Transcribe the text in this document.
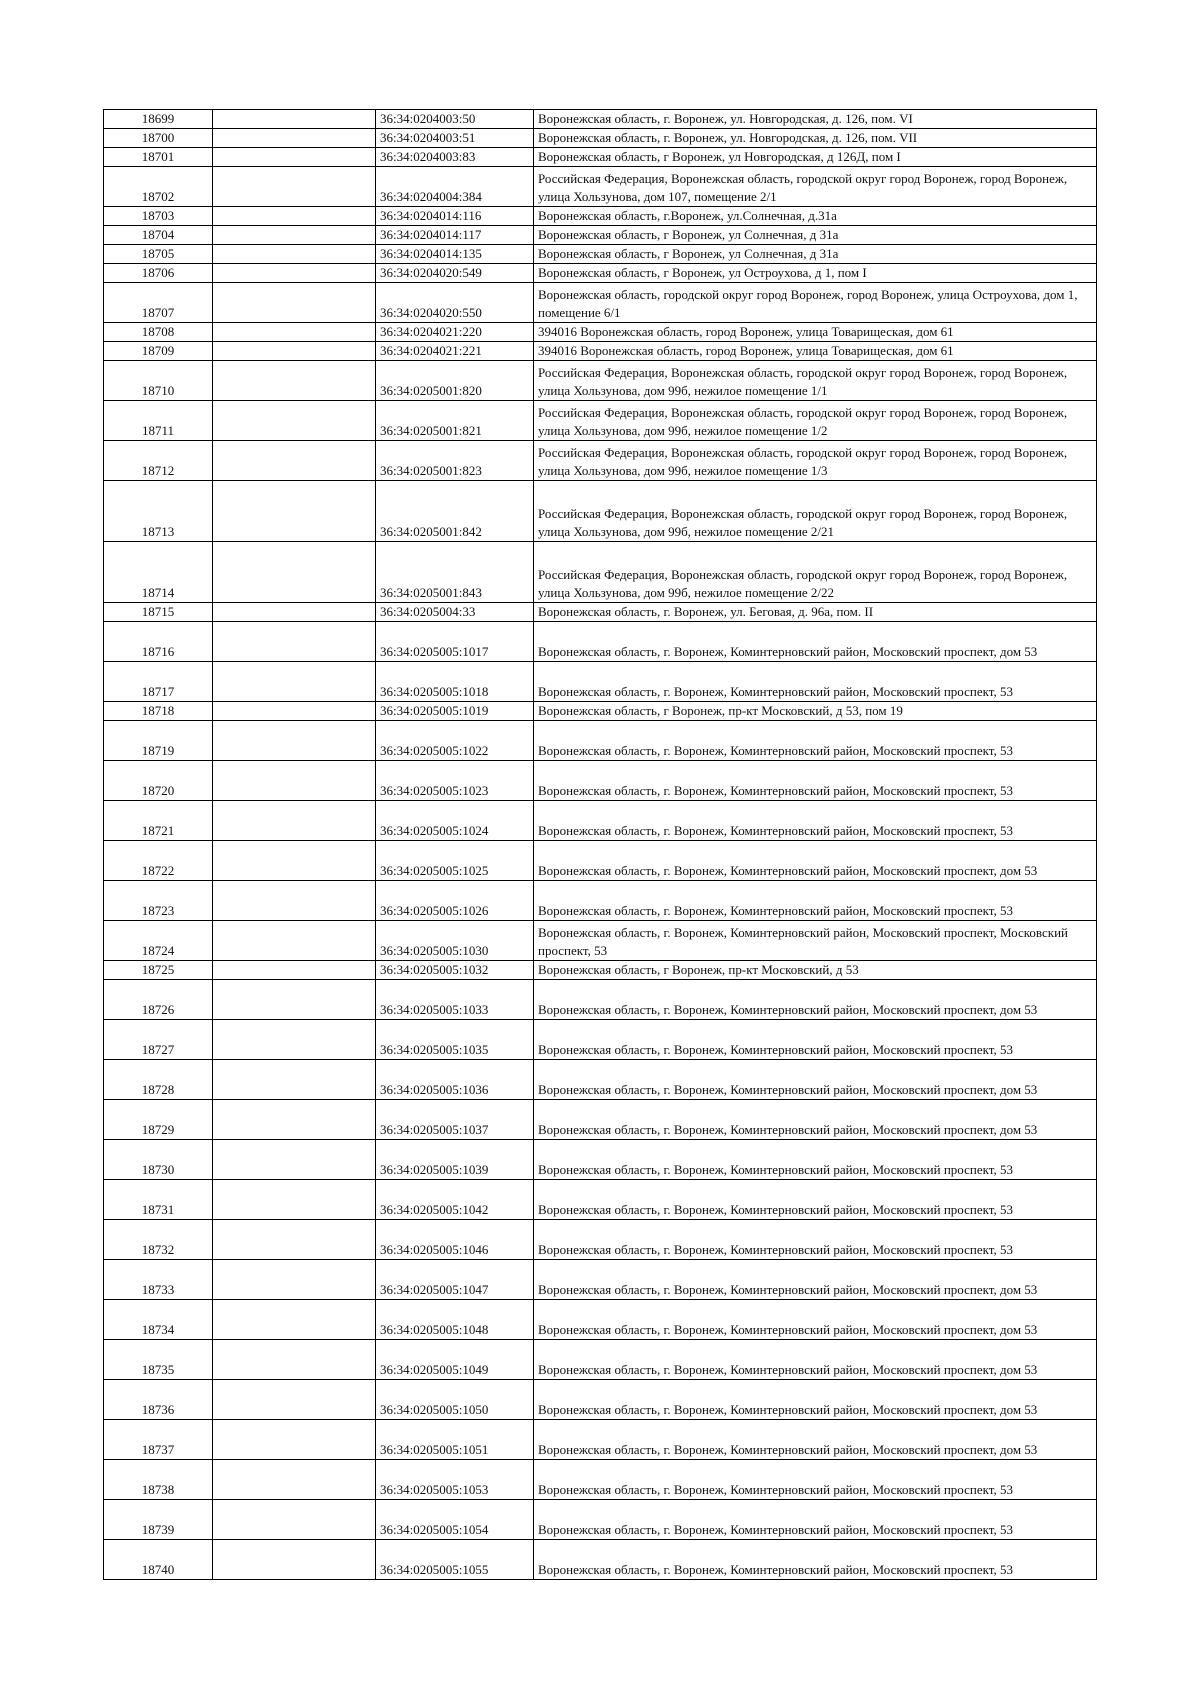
18699		36:34:0204003:50	Воронежская область, г. Воронеж, ул. Новгородская, д. 126, пом. VI
18700		36:34:0204003:51	Воронежская область, г. Воронеж, ул. Новгородская, д. 126, пом. VII
18701		36:34:0204003:83	Воронежская область, г Воронеж, ул Новгородская, д 126Д, пом I
18702		36:34:0204004:384	Российская Федерация, Воронежская область, городской округ город Воронеж, город Воронеж, улица Хользунова, дом 107, помещение 2/1
18703		36:34:0204014:116	Воронежская область, г.Воронеж, ул.Солнечная, д.31а
18704		36:34:0204014:117	Воронежская область, г Воронеж, ул Солнечная, д 31а
18705		36:34:0204014:135	Воронежская область, г Воронеж, ул Солнечная, д 31а
18706		36:34:0204020:549	Воронежская область, г Воронеж, ул Остроухова, д 1, пом I
18707		36:34:0204020:550	Воронежская область, городской округ город Воронеж, город Воронеж, улица Остроухова, дом 1, помещение 6/1
18708		36:34:0204021:220	394016 Воронежская область, город Воронеж, улица Товарищеская, дом 61
18709		36:34:0204021:221	394016 Воронежская область, город Воронеж, улица Товарищеская, дом 61
18710		36:34:0205001:820	Российская Федерация, Воронежская область, городской округ город Воронеж, город Воронеж, улица Хользунова, дом 99б, нежилое помещение 1/1
18711		36:34:0205001:821	Российская Федерация, Воронежская область, городской округ город Воронеж, город Воронеж, улица Хользунова, дом 99б, нежилое помещение 1/2
18712		36:34:0205001:823	Российская Федерация, Воронежская область, городской округ город Воронеж, город Воронеж, улица Хользунова, дом 99б, нежилое помещение 1/3
18713		36:34:0205001:842	Российская Федерация, Воронежская область, городской округ город Воронеж, город Воронеж, улица Хользунова, дом 99б, нежилое помещение 2/21
18714		36:34:0205001:843	Российская Федерация, Воронежская область, городской округ город Воронеж, город Воронеж, улица Хользунова, дом 99б, нежилое помещение 2/22
18715		36:34:0205004:33	Воронежская область, г. Воронеж, ул. Беговая, д. 96а, пом. II
18716		36:34:0205005:1017	Воронежская область, г. Воронеж, Коминтерновский район, Московский проспект, дом 53
18717		36:34:0205005:1018	Воронежская область, г. Воронеж, Коминтерновский район, Московский проспект, 53
18718		36:34:0205005:1019	Воронежская область, г Воронеж, пр-кт Московский, д 53, пом 19
18719		36:34:0205005:1022	Воронежская область, г. Воронеж, Коминтерновский район, Московский проспект, 53
18720		36:34:0205005:1023	Воронежская область, г. Воронеж, Коминтерновский район, Московский проспект, 53
18721		36:34:0205005:1024	Воронежская область, г. Воронеж, Коминтерновский район, Московский проспект, 53
18722		36:34:0205005:1025	Воронежская область, г. Воронеж, Коминтерновский район, Московский проспект, дом 53
18723		36:34:0205005:1026	Воронежская область, г. Воронеж, Коминтерновский район, Московский проспект, 53
18724		36:34:0205005:1030	Воронежская область, г. Воронеж, Коминтерновский район, Московский проспект, Московский проспект, 53
18725		36:34:0205005:1032	Воронежская область, г Воронеж, пр-кт Московский, д 53
18726		36:34:0205005:1033	Воронежская область, г. Воронеж, Коминтерновский район, Московский проспект, дом 53
18727		36:34:0205005:1035	Воронежская область, г. Воронеж, Коминтерновский район, Московский проспект, 53
18728		36:34:0205005:1036	Воронежская область, г. Воронеж, Коминтерновский район, Московский проспект, дом 53
18729		36:34:0205005:1037	Воронежская область, г. Воронеж, Коминтерновский район, Московский проспект, дом 53
18730		36:34:0205005:1039	Воронежская область, г. Воронеж, Коминтерновский район, Московский проспект, 53
18731		36:34:0205005:1042	Воронежская область, г. Воронеж, Коминтерновский район, Московский проспект, 53
18732		36:34:0205005:1046	Воронежская область, г. Воронеж, Коминтерновский район, Московский проспект, 53
18733		36:34:0205005:1047	Воронежская область, г. Воронеж, Коминтерновский район, Московский проспект, дом 53
18734		36:34:0205005:1048	Воронежская область, г. Воронеж, Коминтерновский район, Московский проспект, дом 53
18735		36:34:0205005:1049	Воронежская область, г. Воронеж, Коминтерновский район, Московский проспект, дом 53
18736		36:34:0205005:1050	Воронежская область, г. Воронеж, Коминтерновский район, Московский проспект, дом 53
18737		36:34:0205005:1051	Воронежская область, г. Воронеж, Коминтерновский район, Московский проспект, дом 53
18738		36:34:0205005:1053	Воронежская область, г. Воронеж, Коминтерновский район, Московский проспект, 53
18739		36:34:0205005:1054	Воронежская область, г. Воронеж, Коминтерновский район, Московский проспект, 53
18740		36:34:0205005:1055	Воронежская область, г. Воронеж, Коминтерновский район, Московский проспект, 53
